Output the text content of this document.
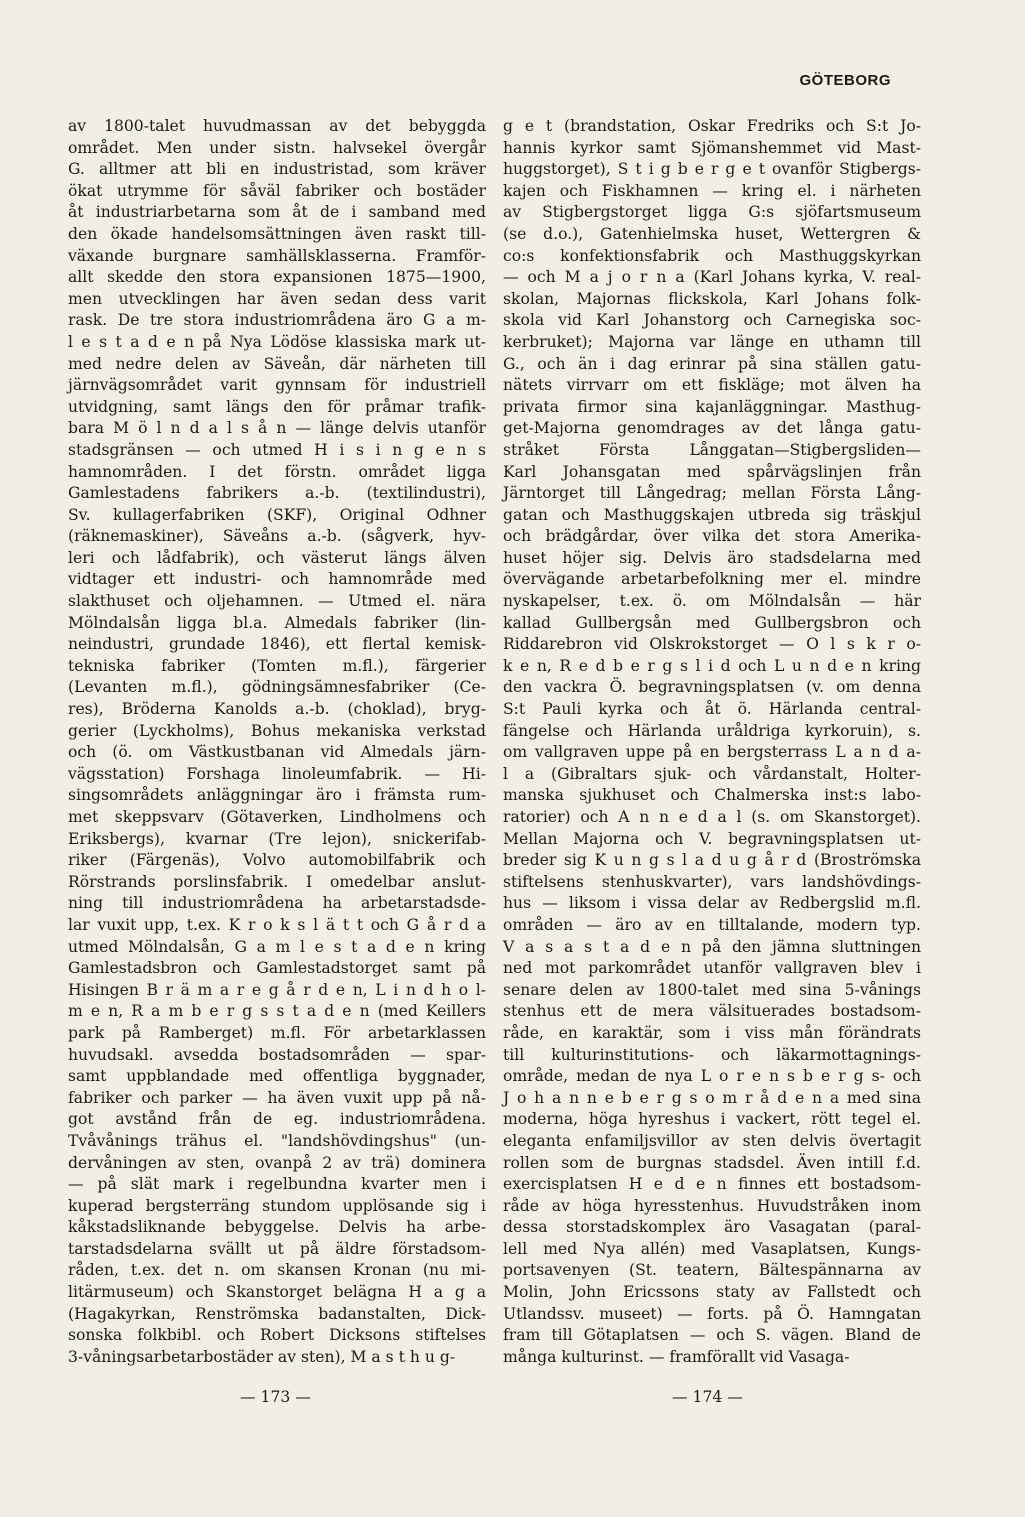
GÖTEBORG
av 1800-talet huvudmassan av det bebyggda
området. Men under sistn. halvsekel övergår
G. alltmer att bli en industristad, som kräver
ökat utrymme för såväl fabriker och bostäder
åt industriarbetarna som åt de i samband med
den ökade handelsomsättningen även raskt till-
växande burgnare samhällsklasserna. Framför-
allt skedde den stora expansionen 1875—1900,
men utvecklingen har även sedan dess varit
rask. De tre stora industriområdena äro G a m-
l e s t a d e n på Nya Lödöse klassiska mark ut-
med nedre delen av Säveån, där närheten till
järnvägsområdet varit gynnsam för industriell
utvidgning, samt längs den för pråmar trafik-
bara M ö l n d a l s å n — länge delvis utanför
stadsgränsen — och utmed H i s i n g e n s
hamnområden. I det förstn. området ligga
Gamlestadens fabrikers a.-b. (textilindustri),
Sv. kullagerfabriken (SKF), Original Odhner
(räknemaskiner), Säveåns a.-b. (sågverk, hyv-
leri och lådfabrik), och västerut längs älven
vidtager ett industri- och hamnområde med
slakthuset och oljehamnen. — Utmed el. nära
Mölndalsån ligga bl.a. Almedals fabriker (lin-
neindustri, grundade 1846), ett flertal kemisk-
tekniska fabriker (Tomten m.fl.), färgerier
(Levanten m.fl.), gödningsämnesfabriker (Ce-
res), Bröderna Kanolds a.-b. (choklad), bryg-
gerier (Lyckholms), Bohus mekaniska verkstad
och (ö. om Västkustbanan vid Almedals järn-
vägsstation) Forshaga linoleumfabrik. — Hi-
singsområdets anläggningar äro i främsta rum-
met skeppsvarv (Götaverken, Lindholmens och
Eriksbergs), kvarnar (Tre lejon), snickerifab-
riker (Färgenäs), Volvo automobilfabrik och
Rörstrands porslinsfabrik. I omedelbar anslut-
ning till industriområdena ha arbetarstadsde-
lar vuxit upp, t.ex. K r o k s l ä t t och G å r d a
utmed Mölndalsån, G a m l e s t a d e n kring
Gamlestadsbron och Gamlestadstorget samt på
Hisingen B r ä m a r e g å r d e n, L i n d h o l-
m e n, R a m b e r g s s t a d e n (med Keillers
park på Ramberget) m.fl. För arbetarklassen
huvudsakl. avsedda bostadsområden — spar-
samt uppblandade med offentliga byggnader,
fabriker och parker — ha även vuxit upp på nå-
got avstånd från de eg. industriområdena.
Tvåvånings trähus el. "landshövdingshus" (un-
dervåningen av sten, ovanpå 2 av trä) dominera
— på slät mark i regelbundna kvarter men i
kuperad bergsterräng stundom upplösande sig i
kåkstadsliknande bebyggelse. Delvis ha arbe-
tarstadsdelarna svällt ut på äldre förstadsom-
råden, t.ex. det n. om skansen Kronan (nu mi-
litärmuseum) och Skanstorget belägna H a g a
(Hagakyrkan, Renströmska badanstalten, Dick-
sonska folkbibl. och Robert Dicksons stiftelses
3-våningsarbetarbostäder av sten), M a s t h u g-
g e t (brandstation, Oskar Fredriks och S:t Jo-
hannis kyrkor samt Sjömanshemmet vid Mast-
huggstorget), S t i g b e r g e t ovanför Stigbergs-
kajen och Fiskhamnen — kring el. i närheten
av Stigbergstorget ligga G:s sjöfartsmuseum
(se d.o.), Gatenhielmska huset, Wettergren &
co:s konfektionsfabrik och Masthuggskyrkan
— och M a j o r n a (Karl Johans kyrka, V. real-
skolan, Majornas flickskola, Karl Johans folk-
skola vid Karl Johanstorg och Carnegiska soc-
kerbruket); Majorna var länge en uthamn till
G., och än i dag erinrar på sina ställen gatu-
nätets virrvarr om ett fiskläge; mot älven ha
privata firmor sina kajanläggningar. Masthug-
get-Majorna genomdrages av det långa gatu-
stråket Första Långgatan—Stigbergsliden—
Karl Johansgatan med spårvägslinjen från
Järntorget till Långedrag; mellan Första Lång-
gatan och Masthuggskajen utbreda sig träskjul
och brädgårdar, över vilka det stora Amerika-
huset höjer sig. Delvis äro stadsdelarna med
övervägande arbetarbefolkning mer el. mindre
nyskapelser, t.ex. ö. om Mölndalsån — här
kallad Gullbergsån med Gullbergsbron och
Riddarebron vid Olskrokstorget — O l s k r o-
k e n, R e d b e r g s l i d och L u n d e n kring
den vackra Ö. begravningsplatsen (v. om denna
S:t Pauli kyrka och åt ö. Härlanda central-
fängelse och Härlanda uråldriga kyrkoruin), s.
om vallgraven uppe på en bergsterrass L a n d a-
l a (Gibraltars sjuk- och vårdanstalt, Holter-
manska sjukhuset och Chalmerska inst:s labo-
ratorier) och A n n e d a l (s. om Skanstorget).
Mellan Majorna och V. begravningsplatsen ut-
breder sig K u n g s l a d u g å r d (Broströmska
stiftelsens stenhuskvarter), vars landshövdings-
hus — liksom i vissa delar av Redbergslid m.fl.
områden — äro av en tilltalande, modern typ.
V a s a s t a d e n på den jämna sluttningen
ned mot parkområdet utanför vallgraven blev i
senare delen av 1800-talet med sina 5-vånings
stenhus ett de mera välsituerades bostadsom-
råde, en karaktär, som i viss mån förändrats
till kulturinstitutions- och läkarmottagnings-
område, medan de nya L o r e n s b e r g s- och
J o h a n n e b e r g s o m r å d e n a med sina
moderna, höga hyreshus i vackert, rött tegel el.
eleganta enfamiljsvillor av sten delvis övertagit
rollen som de burgnas stadsdel. Även intill f.d.
exercisplatsen H e d e n finnes ett bostadsom-
råde av höga hyresstenhus. Huvudstråken inom
dessa storstadskomplex äro Vasagatan (paral-
lell med Nya allén) med Vasaplatsen, Kungs-
portsavenyen (St. teatern, Bältespännarna av
Molin, John Ericssons staty av Fallstedt och
Utlandssv. museet) — forts. på Ö. Hamngatan
fram till Götaplatsen — och S. vägen. Bland de
många kulturinst. — framförallt vid Vasaga-
— 173 —	— 174 —
